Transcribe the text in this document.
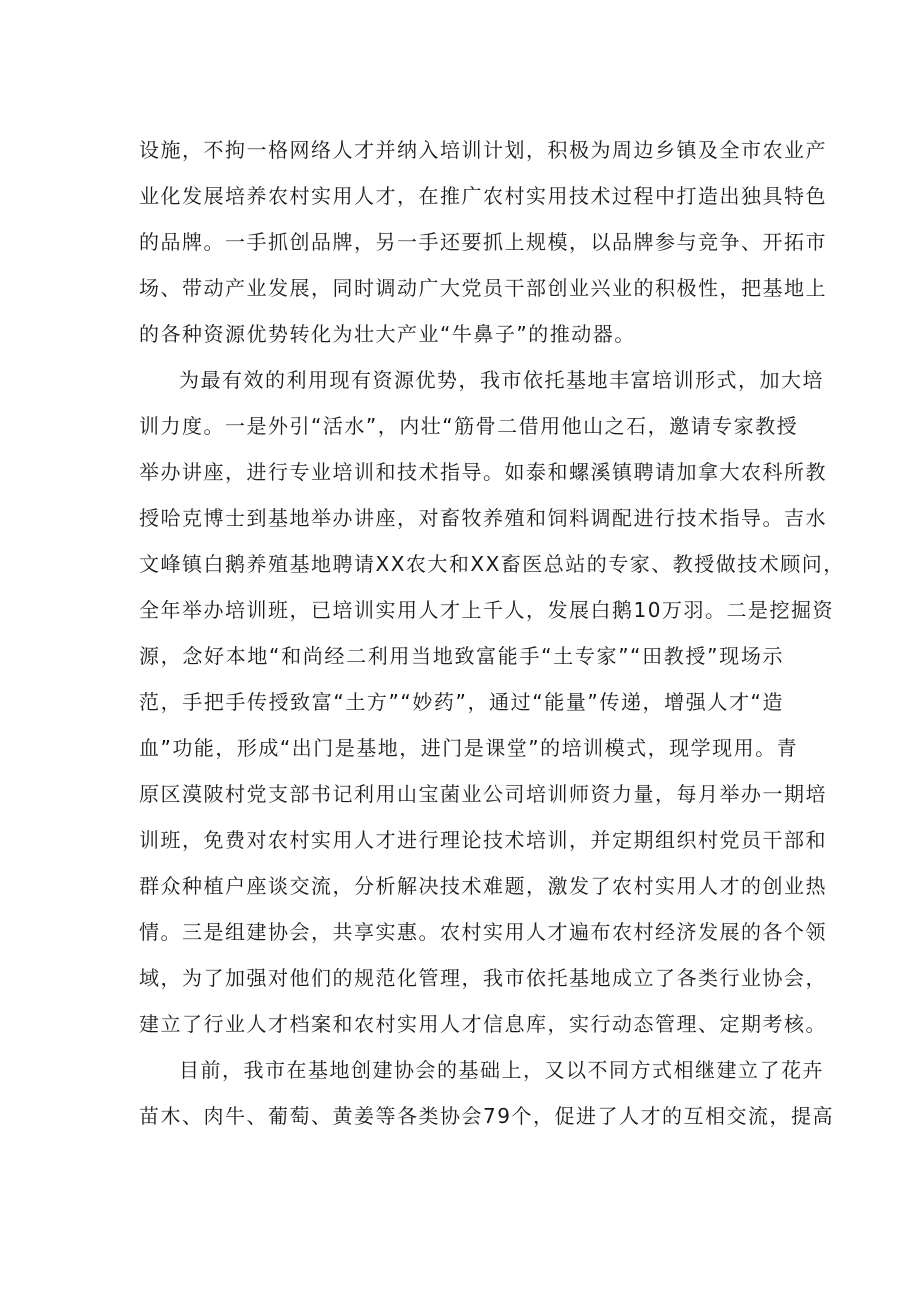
设施，不拘一格网络人才并纳入培训计划，积极为周边乡镇及全市农业产
业化发展培养农村实用人才，在推广农村实用技术过程中打造出独具特色
的品牌。一手抓创品牌，另一手还要抓上规模，以品牌参与竞争、开拓市
场、带动产业发展，同时调动广大党员干部创业兴业的积极性，把基地上
的各种资源优势转化为壮大产业“牛鼻子”的推动器。
为最有效的利用现有资源优势，我市依托基地丰富培训形式，加大培
训力度。一是外引“活水”，内壮“筋骨二借用他山之石，邀请专家教授
举办讲座，进行专业培训和技术指导。如泰和螺溪镇聘请加拿大农科所教
授哈克博士到基地举办讲座，对畜牧养殖和饲料调配进行技术指导。吉水
文峰镇白鹅养殖基地聘请XX农大和XX畜医总站的专家、教授做技术顾问，
全年举办培训班，已培训实用人才上千人，发展白鹅10万羽。二是挖掘资
源，念好本地“和尚经二利用当地致富能手“土专家”“田教授”现场示
范，手把手传授致富“土方”“妙药”，通过“能量”传递，增强人才“造
血”功能，形成“出门是基地，进门是课堂”的培训模式，现学现用。青
原区漠陂村党支部书记利用山宝菌业公司培训师资力量，每月举办一期培
训班，免费对农村实用人才进行理论技术培训，并定期组织村党员干部和
群众种植户座谈交流，分析解决技术难题，激发了农村实用人才的创业热
情。三是组建协会，共享实惠。农村实用人才遍布农村经济发展的各个领
域，为了加强对他们的规范化管理，我市依托基地成立了各类行业协会，
建立了行业人才档案和农村实用人才信息库，实行动态管理、定期考核。
目前，我市在基地创建协会的基础上，又以不同方式相继建立了花卉
苗木、肉牛、葡萄、黄姜等各类协会79个，促进了人才的互相交流，提高
